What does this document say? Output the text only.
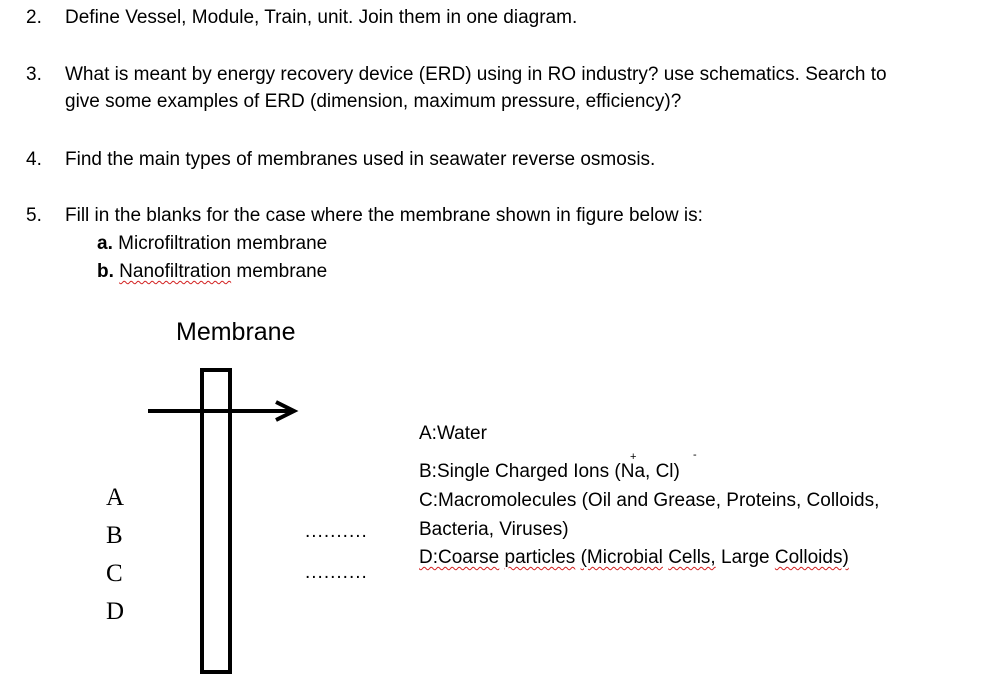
2. Define Vessel, Module, Train, unit. Join them in one diagram.
3. What is meant by energy recovery device (ERD) using in RO industry? use schematics. Search to
give some examples of ERD (dimension, maximum pressure, efficiency)?
4. Find the main types of membranes used in seawater reverse osmosis.
5. Fill in the blanks for the case where the membrane shown in figure below is:
a. Microfiltration membrane
b. Nanofiltration membrane
Membrane
A
B
C
D
..........
..........
A:Water
B:Single Charged Ions (Na, Cl)
+	-
C:Macromolecules (Oil and Grease, Proteins, Colloids,
Bacteria, Viruses)
D:Coarse particles (Microbial Cells, Large Colloids)
